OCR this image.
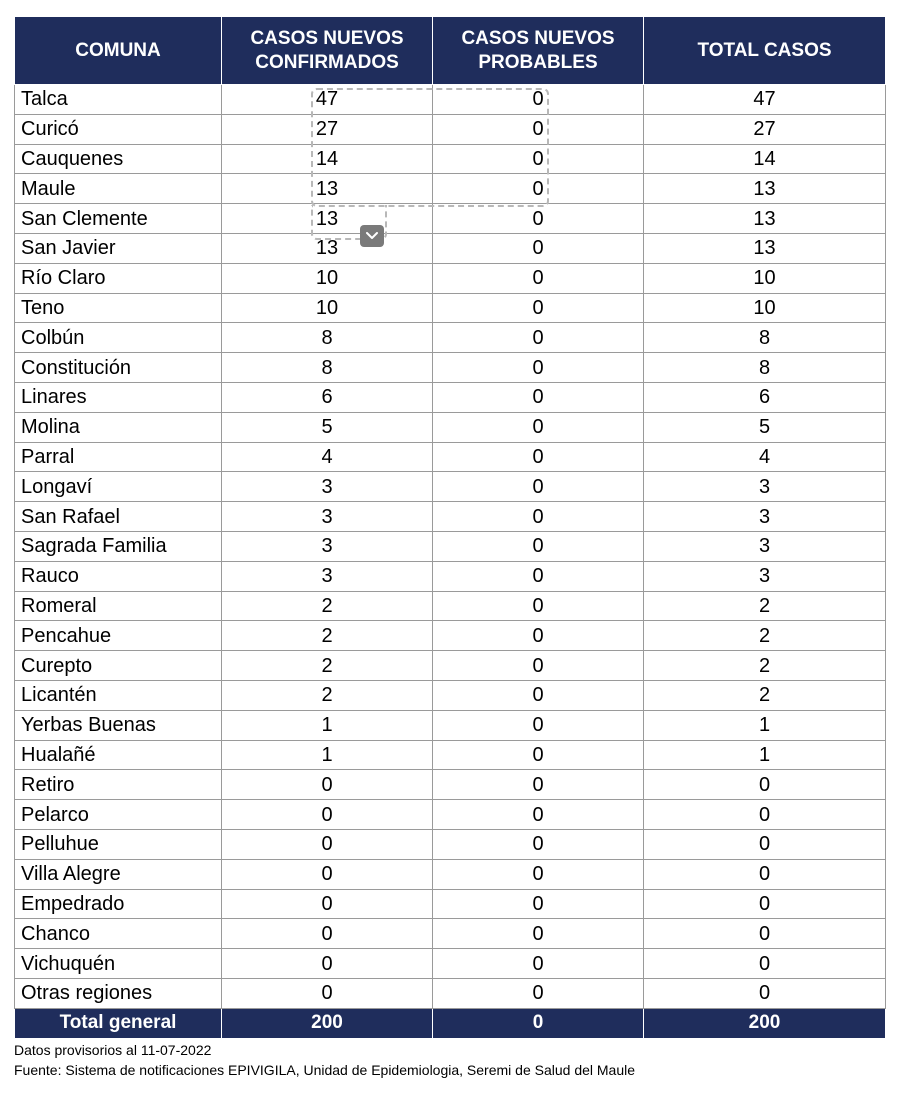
COMUNA	CASOS NUEVOS CONFIRMADOS	CASOS NUEVOS PROBABLES	TOTAL CASOS
Talca	47	0	47
Curicó	27	0	27
Cauquenes	14	0	14
Maule	13	0	13
San Clemente	13	0	13
San Javier	13	0	13
Río Claro	10	0	10
Teno	10	0	10
Colbún	8	0	8
Constitución	8	0	8
Linares	6	0	6
Molina	5	0	5
Parral	4	0	4
Longaví	3	0	3
San Rafael	3	0	3
Sagrada Familia	3	0	3
Rauco	3	0	3
Romeral	2	0	2
Pencahue	2	0	2
Curepto	2	0	2
Licantén	2	0	2
Yerbas Buenas	1	0	1
Hualañé	1	0	1
Retiro	0	0	0
Pelarco	0	0	0
Pelluhue	0	0	0
Villa Alegre	0	0	0
Empedrado	0	0	0
Chanco	0	0	0
Vichuquén	0	0	0
Otras regiones	0	0	0
Total general	200	0	200
Datos provisorios al 11-07-2022
Fuente: Sistema de notificaciones EPIVIGILA, Unidad de Epidemiologia, Seremi de Salud del Maule
